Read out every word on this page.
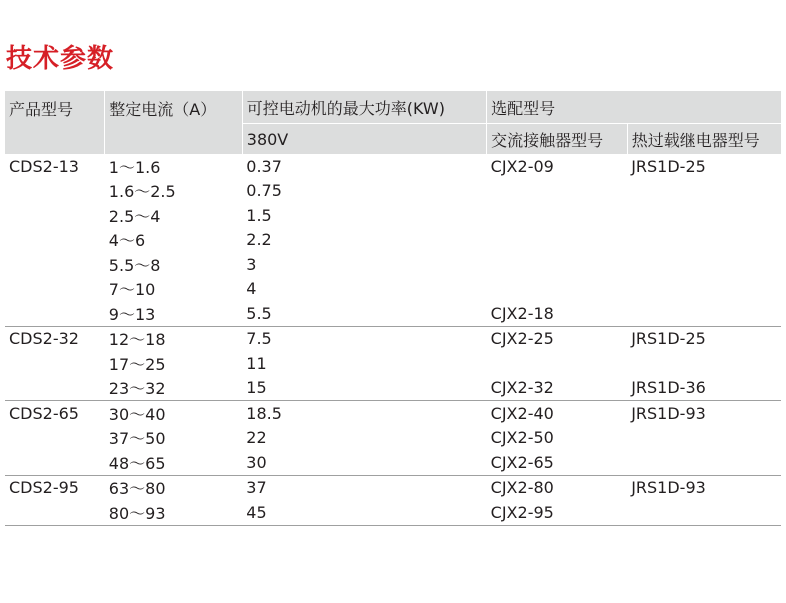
技术参数
产品型号	整定电流（A）	可控电动机的最大功率(KW)	选配型号	
		380V	交流接触器型号	热过载继电器型号
CDS2-13	1～1.6	0.37	CJX2-09	JRS1D-25
	1.6～2.5	0.75		
	2.5～4	1.5		
	4～6	2.2		
	5.5～8	3		
	7～10	4		
	9～13	5.5	CJX2-18	
CDS2-32	12～18	7.5	CJX2-25	JRS1D-25
	17～25	11		
	23～32	15	CJX2-32	JRS1D-36
CDS2-65	30～40	18.5	CJX2-40	JRS1D-93
	37～50	22	CJX2-50	
	48～65	30	CJX2-65	
CDS2-95	63～80	37	CJX2-80	JRS1D-93
	80～93	45	CJX2-95	
